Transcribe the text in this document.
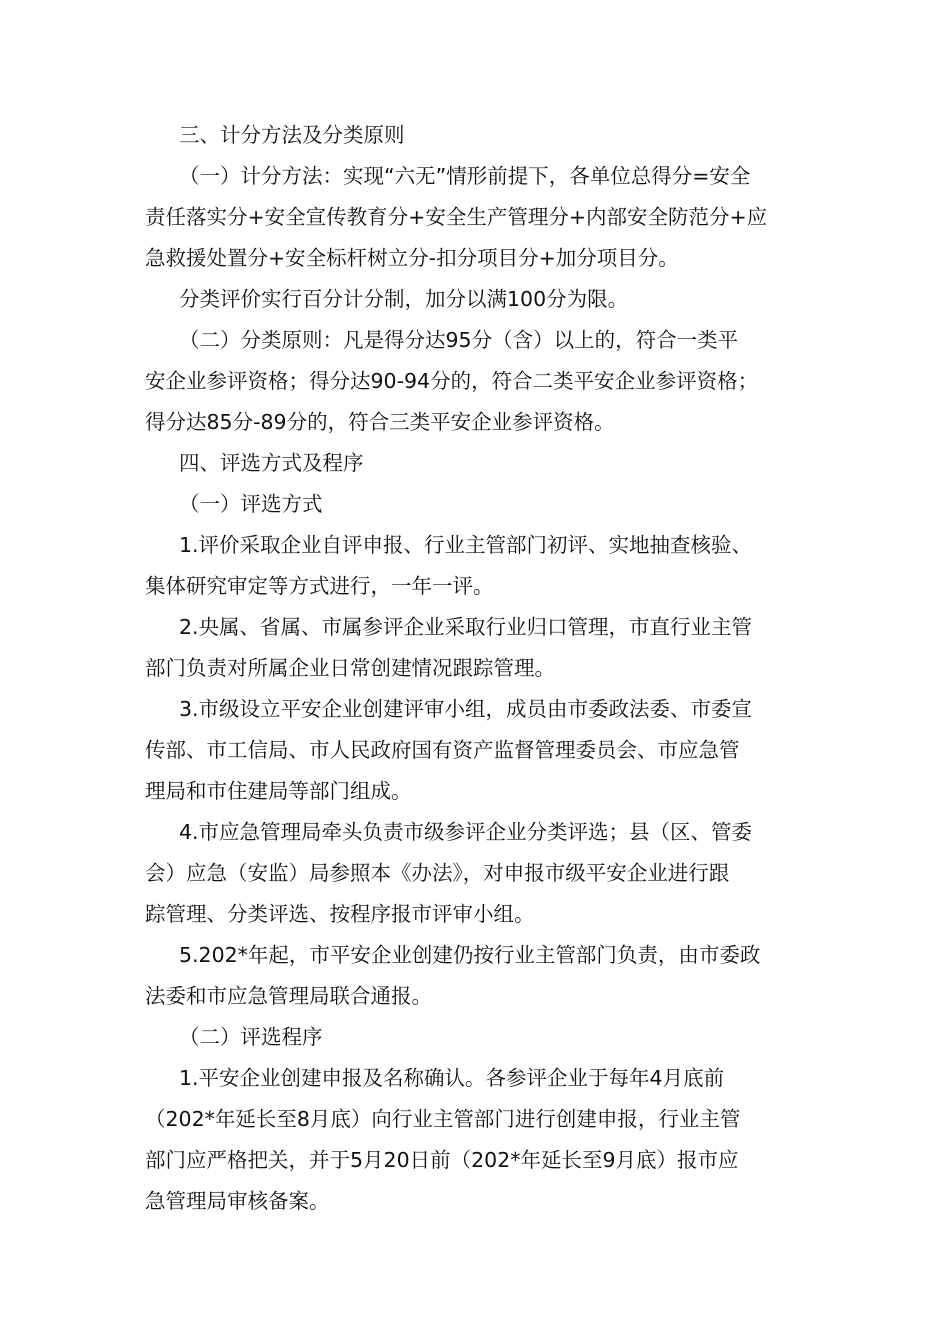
三、计分方法及分类原则
（一）计分方法：实现“六无”情形前提下，各单位总得分=安全
责任落实分+安全宣传教育分+安全生产管理分+内部安全防范分+应
急救援处置分+安全标杆树立分-扣分项目分+加分项目分。
分类评价实行百分计分制，加分以满100分为限。
（二）分类原则：凡是得分达95分（含）以上的，符合一类平
安企业参评资格；得分达90-94分的，符合二类平安企业参评资格；
得分达85分-89分的，符合三类平安企业参评资格。
四、评选方式及程序
（一）评选方式
1.评价采取企业自评申报、行业主管部门初评、实地抽查核验、
集体研究审定等方式进行，一年一评。
2.央属、省属、市属参评企业采取行业归口管理，市直行业主管
部门负责对所属企业日常创建情况跟踪管理。
3.市级设立平安企业创建评审小组，成员由市委政法委、市委宣
传部、市工信局、市人民政府国有资产监督管理委员会、市应急管
理局和市住建局等部门组成。
4.市应急管理局牵头负责市级参评企业分类评选；县（区、管委
会）应急（安监）局参照本《办法》，对申报市级平安企业进行跟
踪管理、分类评选、按程序报市评审小组。
5.202*年起，市平安企业创建仍按行业主管部门负责，由市委政
法委和市应急管理局联合通报。
（二）评选程序
1.平安企业创建申报及名称确认。各参评企业于每年4月底前
（202*年延长至8月底）向行业主管部门进行创建申报，行业主管
部门应严格把关，并于5月20日前（202*年延长至9月底）报市应
急管理局审核备案。
